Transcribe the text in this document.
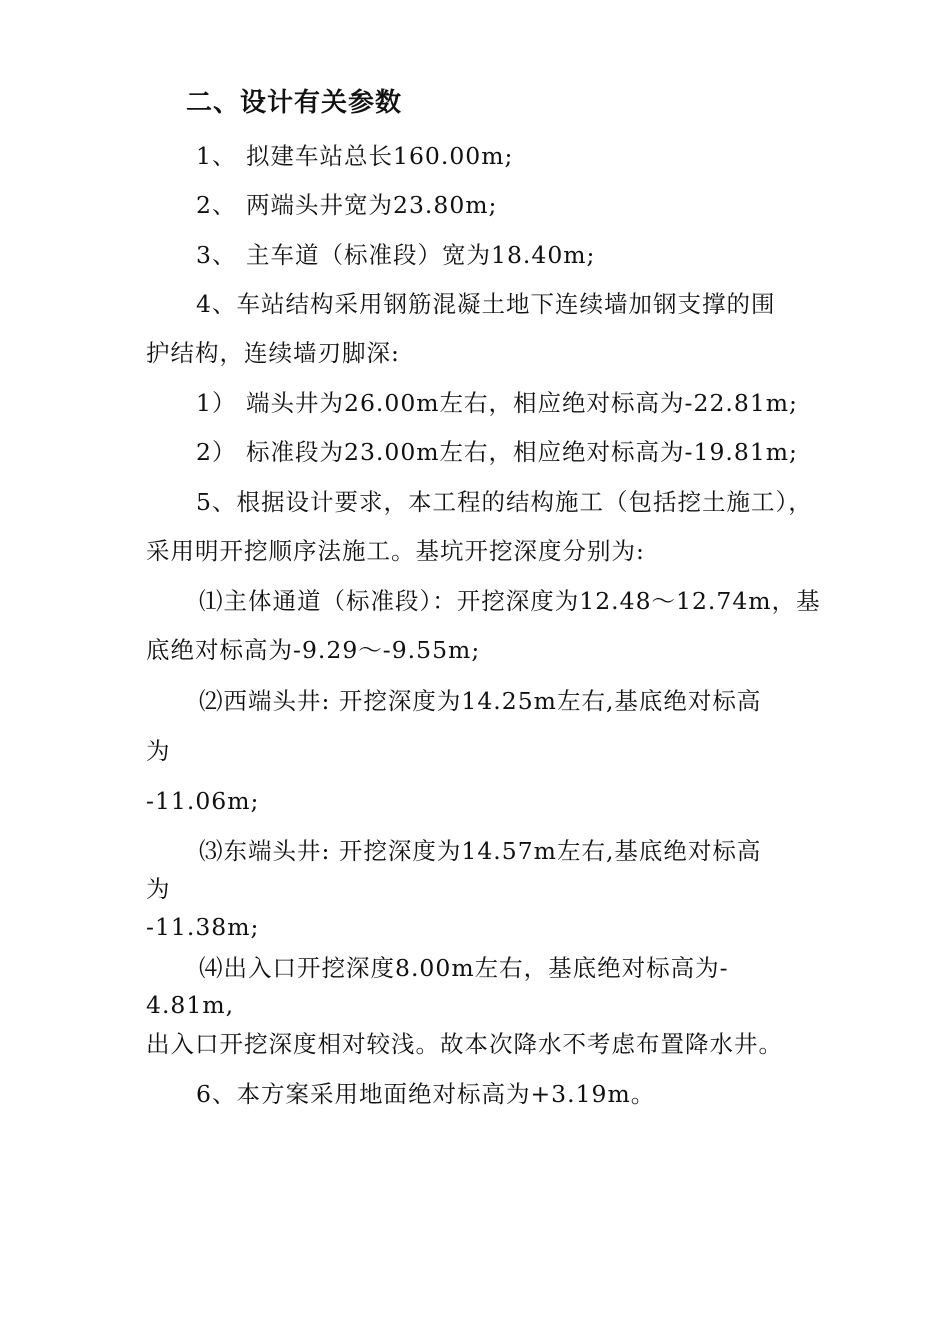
二、设计有关参数
1、 拟建车站总长160.00m;
2、 两端头井宽为23.80m;
3、 主车道（标准段）宽为18.40m;
4、车站结构采用钢筋混凝土地下连续墙加钢支撑的围
护结构，连续墙刃脚深:
1） 端头井为26.00m左右，相应绝对标高为-22.81m;
2） 标准段为23.00m左右，相应绝对标高为-19.81m;
5、根据设计要求，本工程的结构施工（包括挖土施工），
采用明开挖顺序法施工。基坑开挖深度分别为:
⑴主体通道（标准段）：开挖深度为12.48～12.74m，基
底绝对标高为-9.29～-9.55m;
⑵西端头井: 开挖深度为14.25m左右,基底绝对标高
为
-11.06m;
⑶东端头井: 开挖深度为14.57m左右,基底绝对标高
为
-11.38m;
⑷出入口开挖深度8.00m左右，基底绝对标高为-
4.81m,
出入口开挖深度相对较浅。故本次降水不考虑布置降水井。
6、本方案采用地面绝对标高为+3.19m。
